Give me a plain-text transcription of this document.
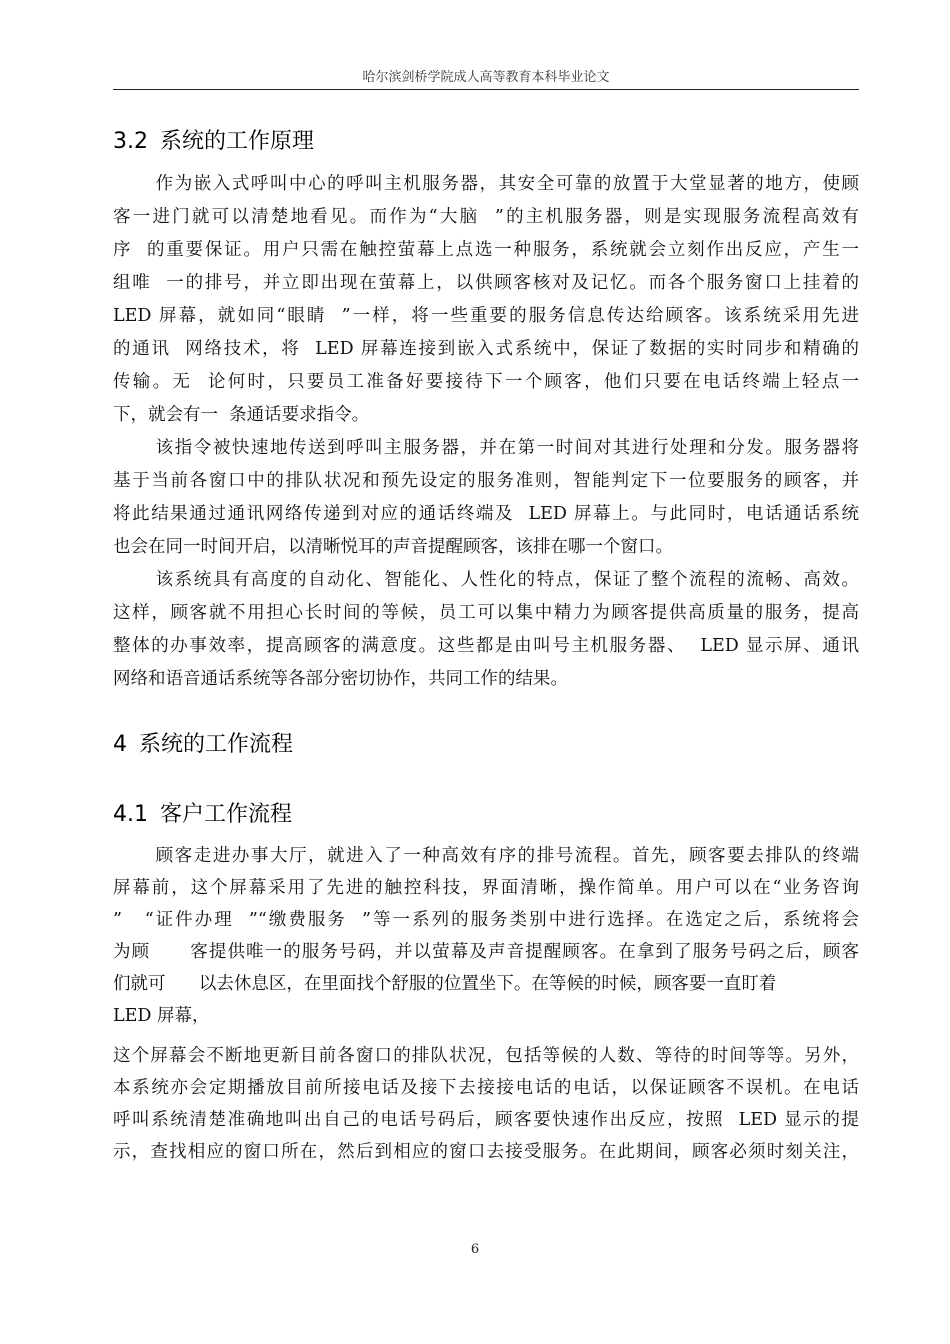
哈尔滨剑桥学院成人高等教育本科毕业论文
3.2 系统的工作原理
作为嵌入式呼叫中心的呼叫主机服务器，其安全可靠的放置于大堂显著的地方，使顾
客一进门就可以清楚地看见。而作为“大脑  ”的主机服务器，则是实现服务流程高效有
序  的重要保证。用户只需在触控萤幕上点选一种服务，系统就会立刻作出反应，产生一
组唯  一的排号，并立即出现在萤幕上，以供顾客核对及记忆。而各个服务窗口上挂着的
LED 屏幕，就如同“眼睛  ”一样，将一些重要的服务信息传达给顾客。该系统采用先进
的通讯  网络技术，将  LED 屏幕连接到嵌入式系统中，保证了数据的实时同步和精确的
传输。无  论何时，只要员工准备好要接待下一个顾客，他们只要在电话终端上轻点一
下，就会有一  条通话要求指令。
该指令被快速地传送到呼叫主服务器，并在第一时间对其进行处理和分发。服务器将
基于当前各窗口中的排队状况和预先设定的服务准则，智能判定下一位要服务的顾客，并
将此结果通过通讯网络传递到对应的通话终端及  LED 屏幕上。与此同时，电话通话系统
也会在同一时间开启，以清晰悦耳的声音提醒顾客，该排在哪一个窗口。
该系统具有高度的自动化、智能化、人性化的特点，保证了整个流程的流畅、高效。
这样，顾客就不用担心长时间的等候，员工可以集中精力为顾客提供高质量的服务，提高
整体的办事效率，提高顾客的满意度。这些都是由叫号主机服务器、  LED 显示屏、通讯
网络和语音通话系统等各部分密切协作，共同工作的结果。
4 系统的工作流程
4.1 客户工作流程
顾客走进办事大厅，就进入了一种高效有序的排号流程。首先，顾客要去排队的终端
屏幕前，这个屏幕采用了先进的触控科技，界面清晰，操作简单。用户可以在“业务咨询
”   “证件办理  ”“缴费服务  ”等一系列的服务类别中进行选择。在选定之后，系统将会
为顾      客提供唯一的服务号码，并以萤幕及声音提醒顾客。在拿到了服务号码之后，顾客
们就可      以去休息区，在里面找个舒服的位置坐下。在等候的时候，顾客要一直盯着
LED 屏幕，
这个屏幕会不断地更新目前各窗口的排队状况，包括等候的人数、等待的时间等等。另外，
本系统亦会定期播放目前所接电话及接下去接接电话的电话，以保证顾客不误机。在电话
呼叫系统清楚准确地叫出自己的电话号码后，顾客要快速作出反应，按照  LED 显示的提
示，查找相应的窗口所在，然后到相应的窗口去接受服务。在此期间，顾客必须时刻关注，
6
